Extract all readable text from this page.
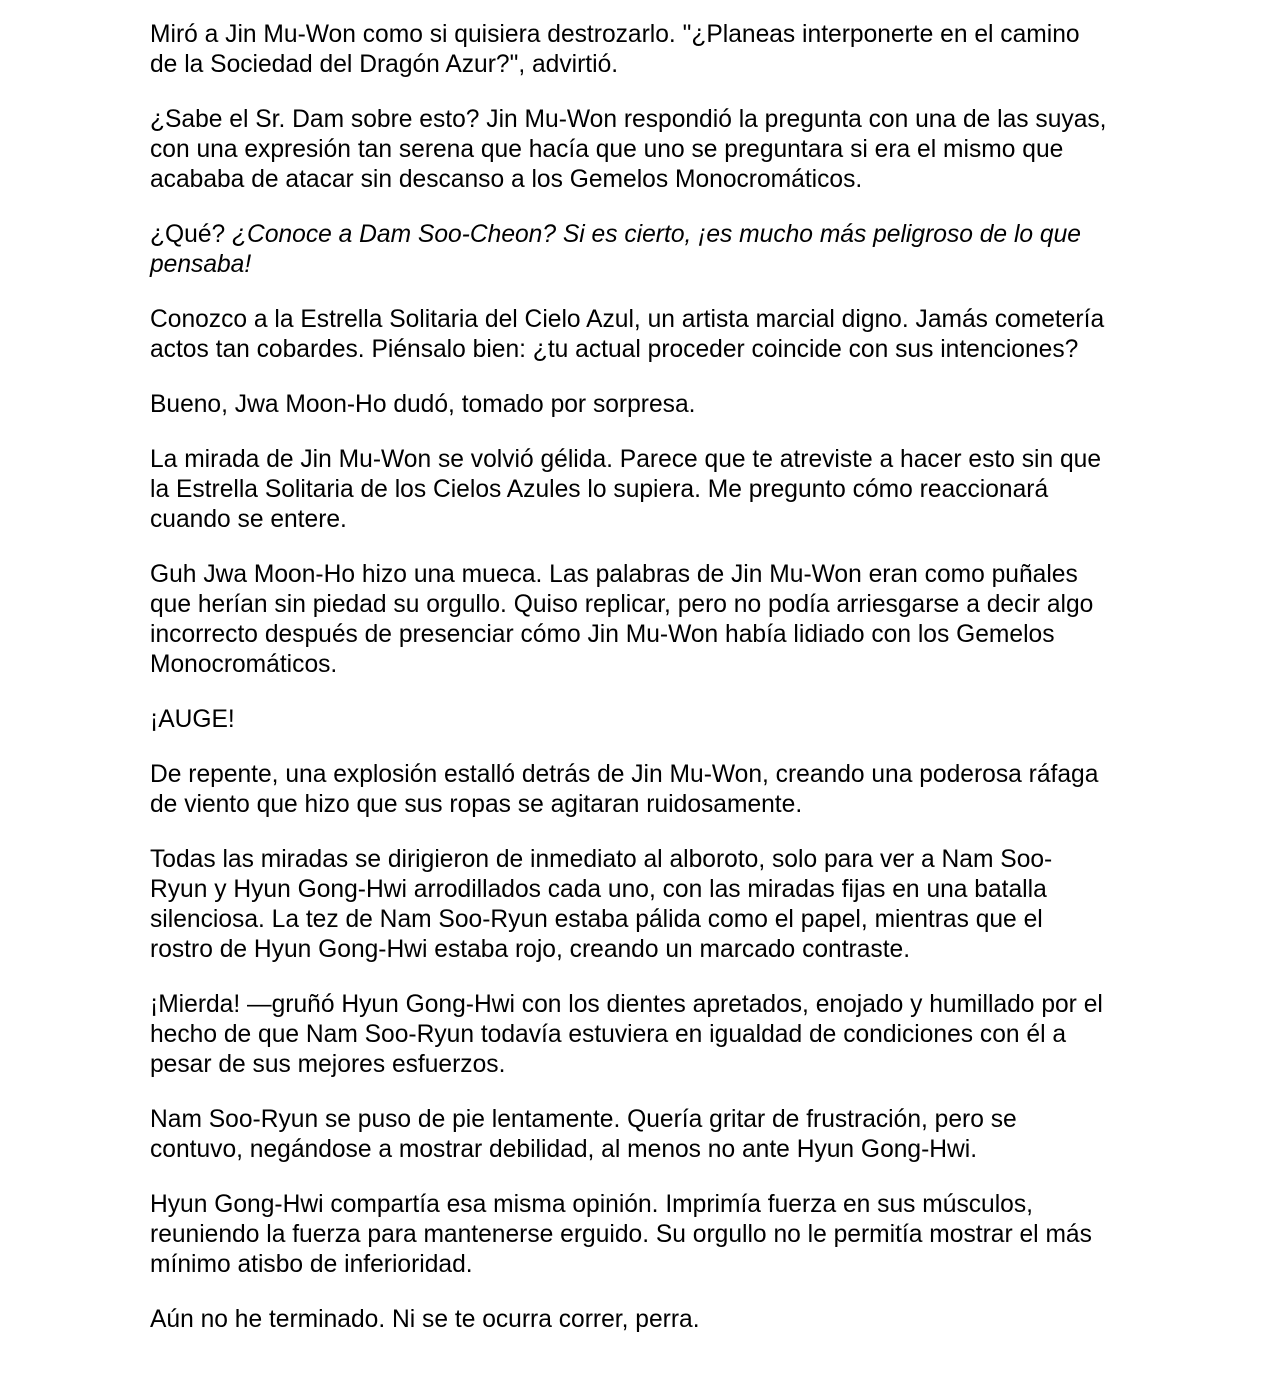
Miró a Jin Mu-Won como si quisiera destrozarlo. "¿Planeas interponerte en el camino
de la Sociedad del Dragón Azur?", advirtió.

¿Sabe el Sr. Dam sobre esto? Jin Mu-Won respondió la pregunta con una de las suyas,
con una expresión tan serena que hacía que uno se preguntara si era el mismo que
acababa de atacar sin descanso a los Gemelos Monocromáticos.

¿Qué? ¿Conoce a Dam Soo-Cheon? Si es cierto, ¡es mucho más peligroso de lo que
pensaba!

Conozco a la Estrella Solitaria del Cielo Azul, un artista marcial digno. Jamás cometería
actos tan cobardes. Piénsalo bien: ¿tu actual proceder coincide con sus intenciones?

Bueno, Jwa Moon-Ho dudó, tomado por sorpresa.

La mirada de Jin Mu-Won se volvió gélida. Parece que te atreviste a hacer esto sin que
la Estrella Solitaria de los Cielos Azules lo supiera. Me pregunto cómo reaccionará
cuando se entere.

Guh Jwa Moon-Ho hizo una mueca. Las palabras de Jin Mu-Won eran como puñales
que herían sin piedad su orgullo. Quiso replicar, pero no podía arriesgarse a decir algo
incorrecto después de presenciar cómo Jin Mu-Won había lidiado con los Gemelos
Monocromáticos.

¡AUGE!

De repente, una explosión estalló detrás de Jin Mu-Won, creando una poderosa ráfaga
de viento que hizo que sus ropas se agitaran ruidosamente.

Todas las miradas se dirigieron de inmediato al alboroto, solo para ver a Nam Soo-
Ryun y Hyun Gong-Hwi arrodillados cada uno, con las miradas fijas en una batalla
silenciosa. La tez de Nam Soo-Ryun estaba pálida como el papel, mientras que el
rostro de Hyun Gong-Hwi estaba rojo, creando un marcado contraste.

¡Mierda! —gruñó Hyun Gong-Hwi con los dientes apretados, enojado y humillado por el
hecho de que Nam Soo-Ryun todavía estuviera en igualdad de condiciones con él a
pesar de sus mejores esfuerzos.

Nam Soo-Ryun se puso de pie lentamente. Quería gritar de frustración, pero se
contuvo, negándose a mostrar debilidad, al menos no ante Hyun Gong-Hwi.

Hyun Gong-Hwi compartía esa misma opinión. Imprimía fuerza en sus músculos,
reuniendo la fuerza para mantenerse erguido. Su orgullo no le permitía mostrar el más
mínimo atisbo de inferioridad.

Aún no he terminado. Ni se te ocurra correr, perra.
